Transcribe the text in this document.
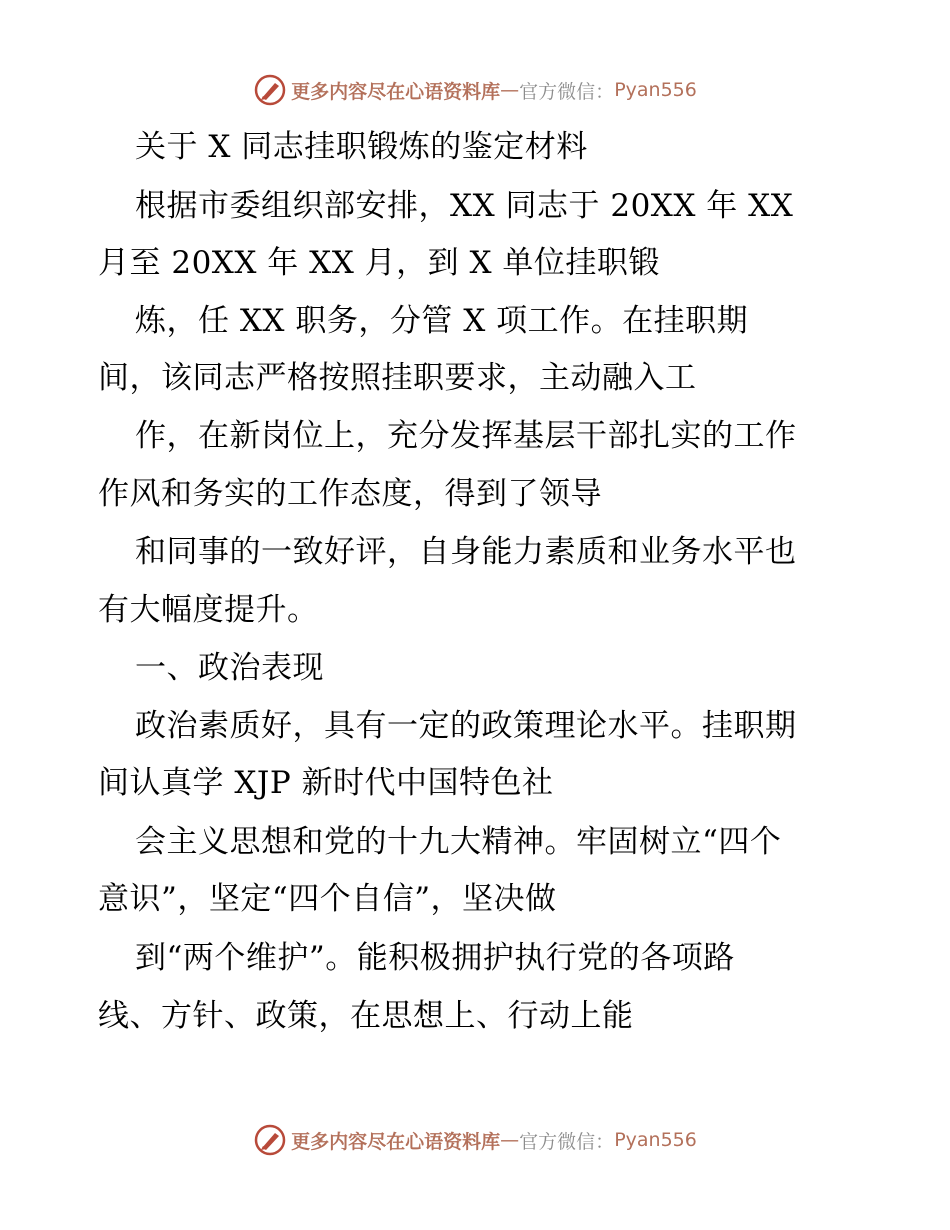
更多内容尽在心语资料库 — 官方微信： Pyan556
关于 X 同志挂职锻炼的鉴定材料
根据市委组织部安排，XX 同志于 20XX 年 XX
月至 20XX 年 XX 月，到 X 单位挂职锻
炼，任 XX 职务，分管 X 项工作。在挂职期
间，该同志严格按照挂职要求，主动融入工
作，在新岗位上，充分发挥基层干部扎实的工作
作风和务实的工作态度，得到了领导
和同事的一致好评，自身能力素质和业务水平也
有大幅度提升。
一、政治表现
政治素质好，具有一定的政策理论水平。挂职期
间认真学 XJP 新时代中国特色社
会主义思想和党的十九大精神。牢固树立“四个
意识”，坚定“四个自信”，坚决做
到“两个维护”。能积极拥护执行党的各项路
线、方针、政策，在思想上、行动上能
更多内容尽在心语资料库 — 官方微信： Pyan556
